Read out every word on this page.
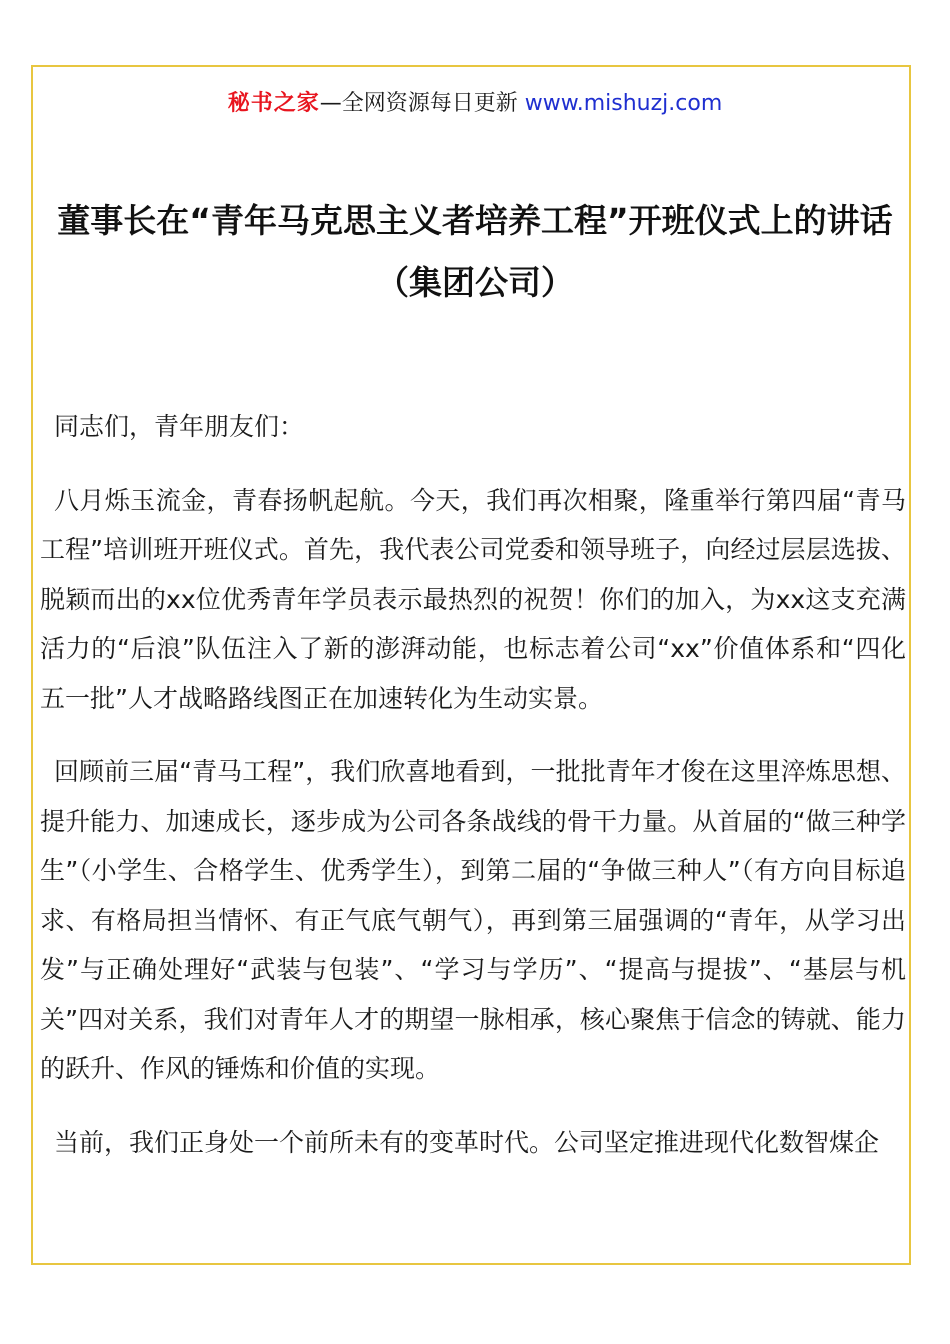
秘书之家—全网资源每日更新 www.mishuzj.com
董事长在“青年马克思主义者培养工程”开班仪式上的讲话（集团公司）

同志们，青年朋友们：

八月烁玉流金，青春扬帆起航。今天，我们再次相聚，隆重举行第四届“青马工程”培训班开班仪式。首先，我代表公司党委和领导班子，向经过层层选拔、脱颖而出的xx位优秀青年学员表示最热烈的祝贺！你们的加入，为xx这支充满活力的“后浪”队伍注入了新的澎湃动能，也标志着公司“xx”价值体系和“四化五一批”人才战略路线图正在加速转化为生动实景。

回顾前三届“青马工程”，我们欣喜地看到，一批批青年才俊在这里淬炼思想、提升能力、加速成长，逐步成为公司各条战线的骨干力量。从首届的“做三种学生”（小学生、合格学生、优秀学生），到第二届的“争做三种人”（有方向目标追求、有格局担当情怀、有正气底气朝气），再到第三届强调的“青年，从学习出发”与正确处理好“武装与包装”、“学习与学历”、“提高与提拔”、“基层与机关”四对关系，我们对青年人才的期望一脉相承，核心聚焦于信念的铸就、能力的跃升、作风的锤炼和价值的实现。

当前，我们正身处一个前所未有的变革时代。公司坚定推进现代化数智煤企
